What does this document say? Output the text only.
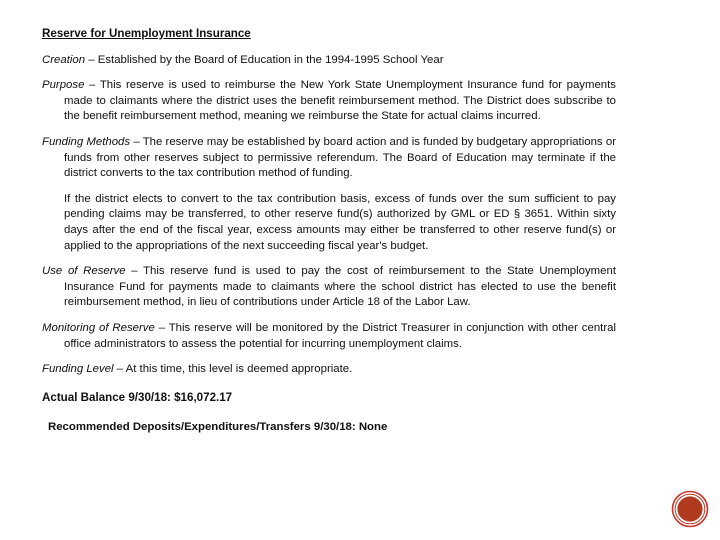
Reserve for Unemployment Insurance
Creation – Established by the Board of Education in the 1994-1995 School Year
Purpose – This reserve is used to reimburse the New York State Unemployment Insurance fund for payments made to claimants where the district uses the benefit reimbursement method. The District does subscribe to the benefit reimbursement method, meaning we reimburse the State for actual claims incurred.
Funding Methods – The reserve may be established by board action and is funded by budgetary appropriations or funds from other reserves subject to permissive referendum. The Board of Education may terminate if the district converts to the tax contribution method of funding.
If the district elects to convert to the tax contribution basis, excess of funds over the sum sufficient to pay pending claims may be transferred, to other reserve fund(s) authorized by GML or ED § 3651. Within sixty days after the end of the fiscal year, excess amounts may either be transferred to other reserve fund(s) or applied to the appropriations of the next succeeding fiscal year's budget.
Use of Reserve – This reserve fund is used to pay the cost of reimbursement to the State Unemployment Insurance Fund for payments made to claimants where the school district has elected to use the benefit reimbursement method, in lieu of contributions under Article 18 of the Labor Law.
Monitoring of Reserve – This reserve will be monitored by the District Treasurer in conjunction with other central office administrators to assess the potential for incurring unemployment claims.
Funding Level – At this time, this level is deemed appropriate.
Actual Balance 9/30/18: $16,072.17
Recommended Deposits/Expenditures/Transfers 9/30/18: None
